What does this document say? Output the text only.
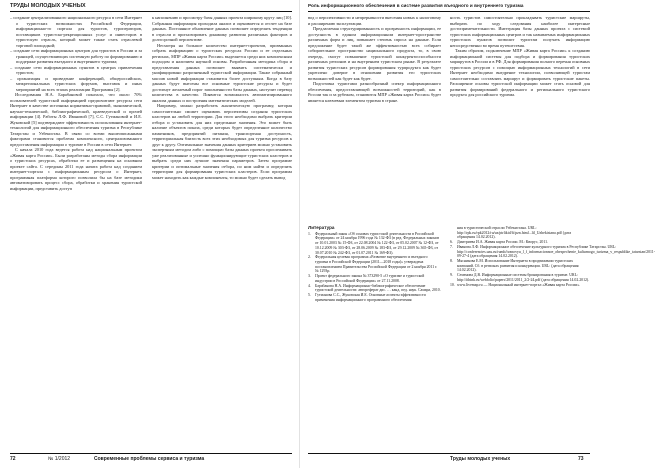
ТРУДЫ МОЛОДЫХ УЧЕНЫХ

– создание централизованного национального ресурса в сети Интернет о туристских возможностях Российской Федерации, информационно-го портала для туристов, туроператоров, поставщиков туристско-рекреационных услуг и инвесторов в туристскую отрасль, который может также стать отраслевой торговой площадкой;

– создание сети информационных центров для туристов в России и за границей, осуществляющих системную работу по формированию и поддержке развития въездного и внутреннего туризма;

– создание сети информационных пунктов в центрах привлечения туристов;

– организация и проведение конференций, общероссийских, межрегиональных туристских форумов, выставок и иных мероприятий на всех этапах реализации Программы [2].

Исследования Н.А. Барабановой показало, что около 70% пользователей туристской информацией предпочитают ресурсы сети Интернет в качестве источника нормативно-правовой, экономической, научно-технической, библиографической, краеведческой и прочей информации [4]. Работы Л.Ф. Ивановой [7], С.С. Гутмановой и И.Е. Жуковской [5] подтверждают эффективность использования интернет-технологий для информационного обеспечения туризма в Республике Татарстан и Узбекистан. В связи со всеми вышеописанными факторами становится проблема комплексного, централизованного предоставления информации о туризме в России в сети Интернет.

С начала 2010 года ведется работа над национальным проектом «Живая карта России». Были разработаны методы сбора информации о туристских ресурсах, обработки ее и размещения на основном проекте сайта. С середины 2011 года начата работа над созданием интернет-портала с информационным ресурсом о Интернет, программная платформа которого позволила бы на базе методики автоматизировать процесс сбора, обработки и хранения туристской информации, представить доступ

к наполнению и просмотру базы данных проекта широкому кругу лиц [10]. Собранная информация проходила анализ и оценивается и отсчет на базе данных. Постоянное обновление данных позволяет определять тенденции в отрасли и прогнозировать динамику развития различных факторов и долгосрочной перспективе.

Несмотря на большое количество интернет-проектов, призванных собрать информацию о туристских ресурсах России и ее отдельных регионах, МПР «Живая карта России» выделяется среди них комплексным подходом и наличием научной основы. Разработанная методика сбора и представления данных позволяет выявить систематически и унифицировано разрозненный туристской информации. Также собранный массив новой информации становится более доступным. Когда в базу данных будут внесены все основные туристские ресурсы и будет достигнут желаемый порог заполненности базы данных, наступит перевод количества в качество. Появится возможность автоматизированного анализа данных и построения математических моделей.

Например, можно разработать аналитическую программу, которая самостоятельно сможет оценивать перспективы создания туристских кластеров на любой территории. Для этого необходимо выбрать критерии отбора и установить для них предельные значения. Это может быть наличие объектов показа, среди которых будет определенное количество памятников, предприятий питания, транспортная доступность, территориальная близость всех этих необходимых для туризма ресурсов к друг к другу. Оптимальные значения данных критериев можно установить экспертным методом либо с помощью базы данных проекта прослеживать уже реализованные и успешно функционирующие туристских кластеров и выбрать среди них лучшие значения параметров. Затем программе критерии и оптимальные значения отбора, по ним найти и определить территории для формирования туристских кластеров. Если программа может находить как каждые компоненты, то можно будет сделать вывод

72	№ 1/2012	Современные проблемы сервиса и туризма
Роль информационного обеспечения в системе развития въездного и внутреннего туризма

вод о перспективности и непрерывности внесения новых к налоговому и расширению эксплуатации.

Предлагаемая структурированность и прозрачность информации, ее доступность в едином информационном интернет-пространстве различных форм и лиц, повышает степень спроса на данные. Если предложение будет такой же эффективностью всех собирает собирательное пространство национального продукта, то, в свою очередь, смогут повышение туристской конкурентоспособности различных регионов и на внутреннем туристском рынке. В результате развития туристских ресурсов формирования турпродукта как будет укреплено доверие в отношении развития его туристских возможностей как будет как будет.

Подготовка туристами разнообразный спектр информационного обеспечения, предоставляющей возможностей территорий, как в России так и за рубежом, становится МПР «Живая карта России» будет является ключевым элементом туризма в стране.

ность туристов самостоятельно прокладывать туристские маршруты, выбирать по ходу следования наиболее интересные достопримечательности. Интеграция базы данных проекта с системой туристских информационных центров и так называемых информационных туристских пунктов позволит туристам получать информацию непосредственно во время путешествия.

Таким образом, подключение МПР «Живая карта России» к созданию информационной системы для подбора и формирования туристских маршрутов в России и в РФ. Для формирования полного перечня основных туристских ресурсов с помощью информационных технологий в сети Интернет необходимо внедрение технологии, позволяющей туристам самостоятельно составлять маршрут и формировать туристские пакеты. Расширение основы туристской информации может стать основой для развития формирований федерального и регионального туристского продукта для российского туризма.

Литература
1.	Федеральный закон «Об основах туристской деятельности в Российской Федерации» от 24 ноября 1996 года № 132-ФЗ (в ред. Федеральных законов от 10.01.2003 № 15-ФЗ, от 22.08.2004 № 122-ФЗ, от 05.02.2007 № 12-ФЗ, от 10.12.2009 № 303-ФЗ, от 28.06.2009 № 183-ФЗ, от 29.12.2009 № 365-ФЗ, от 30.07.2010 № 242-ФЗ, от 01.07.2011 № 169-ФЗ).
2.	Федеральная целевая программа «Развитие внутреннего и въездного туризма в Российской Федерации (2011—2018 годы)» утверждена постановлением Правительства Российской Федерации от 2 ноября 2011 г. № 1293р.
3.	Проект федерального закона № 373290-5 «О туризме и туристской индустрии в Российской Федерации» от 27.11.2008.
4.	Барабанова Н.А. Информационно-библиографическое обеспечение туристской деятельности: автореферат дис. … канд. пед. наук. Самара, 2010.
5.	Гутманова С.С., Жуковская И.Е. Основные аспекты эффективности применения информационного программного обеспечения
ния в туристической отрасли Узбекистана. URL: http://rpk.ru/rpk2012/ru/uz/ptrlikid/fi/pzn.html...lil_Uzbekistana.pdf (дата обращения 14.02.2012).
6.	Дмитриева И.А. Живая карта России. М.: Кворус, 2011.
7.	Иванова Л.Ф. Информационное обеспечение культурного туризма в Республике Татарстан. URL: http://conferencies.uzu.ru/rumb/ivanovyu_l_f_informacionnoe_obespechenie_kulturnogo_turizma_v_respublike_tatarstan/2011-09-27-4 (дата обращения 14.02.2012).
8.	Мясникова Е.М. Использование Интернета в продвижении туристских компаний. Сб. в регионах развития и конкуренции. URL: (дата обращения 14.02.2012).
9.	Семенова Д.В. Информационные системы бронирования в туризме. URL: http://ithink.ru/webfolio/papers/2011/2011_2/2-24.pdf (дата обращения 14.02.2012).
10. www.livemap.ru — Национальный интернет-портал «Живая карта России».
Труды молодых ученых	73
